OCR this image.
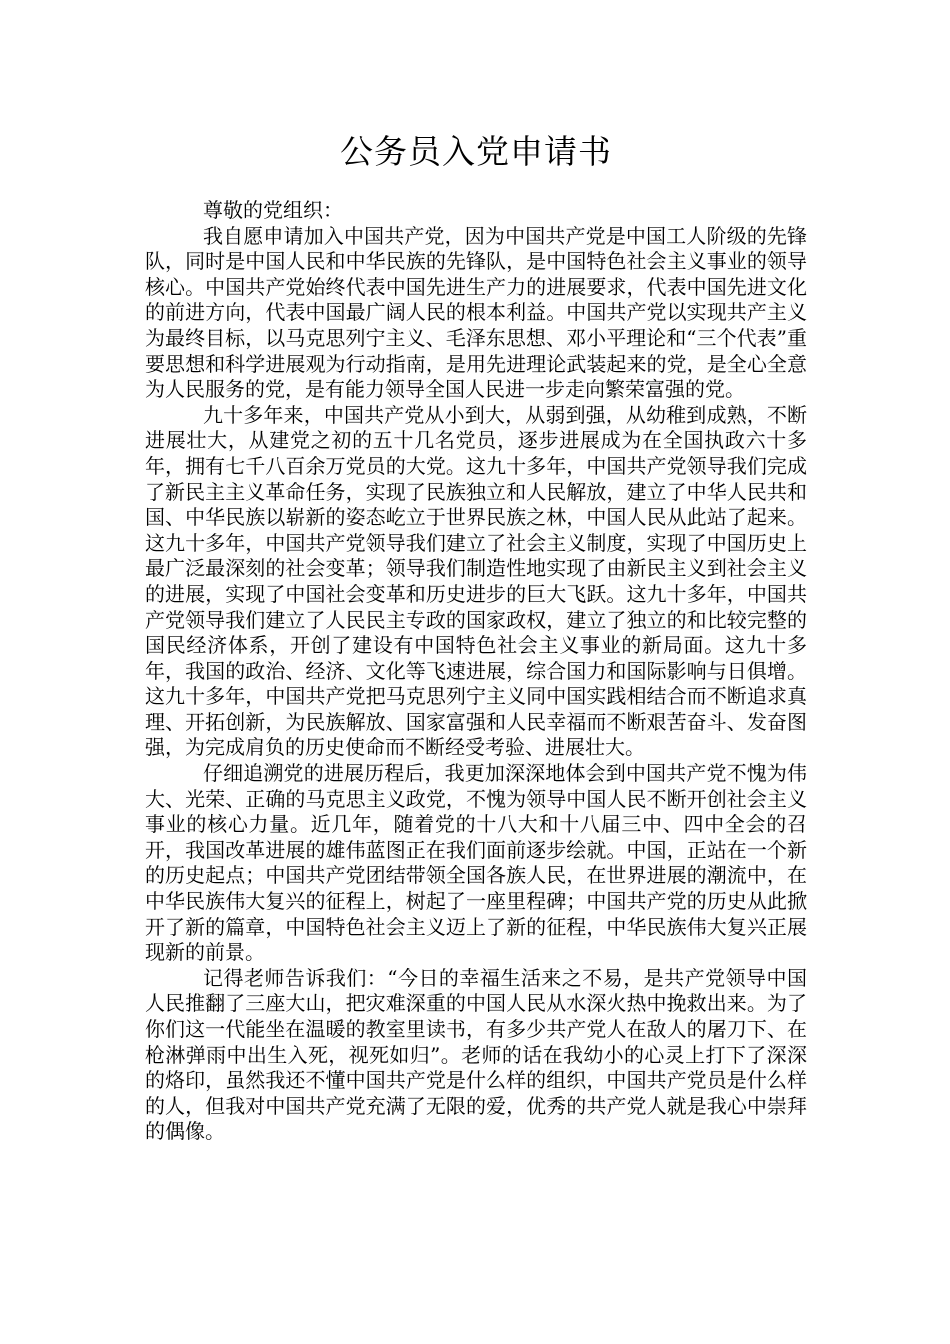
公务员入党申请书

尊敬的党组织：

我自愿申请加入中国共产党，因为中国共产党是中国工人阶级的先锋队，同时是中国人民和中华民族的先锋队，是中国特色社会主义事业的领导核心。中国共产党始终代表中国先进生产力的进展要求，代表中国先进文化的前进方向，代表中国最广阔人民的根本利益。中国共产党以实现共产主义为最终目标，以马克思列宁主义、毛泽东思想、邓小平理论和“三个代表”重要思想和科学进展观为行动指南，是用先进理论武装起来的党，是全心全意为人民服务的党，是有能力领导全国人民进一步走向繁荣富强的党。

九十多年来，中国共产党从小到大，从弱到强，从幼稚到成熟，不断进展壮大，从建党之初的五十几名党员，逐步进展成为在全国执政六十多年，拥有七千八百余万党员的大党。这九十多年，中国共产党领导我们完成了新民主主义革命任务，实现了民族独立和人民解放，建立了中华人民共和国、中华民族以崭新的姿态屹立于世界民族之林，中国人民从此站了起来。这九十多年，中国共产党领导我们建立了社会主义制度，实现了中国历史上最广泛最深刻的社会变革；领导我们制造性地实现了由新民主义到社会主义的进展，实现了中国社会变革和历史进步的巨大飞跃。这九十多年，中国共产党领导我们建立了人民民主专政的国家政权，建立了独立的和比较完整的国民经济体系，开创了建设有中国特色社会主义事业的新局面。这九十多年，我国的政治、经济、文化等飞速进展，综合国力和国际影响与日俱增。这九十多年，中国共产党把马克思列宁主义同中国实践相结合而不断追求真理、开拓创新，为民族解放、国家富强和人民幸福而不断艰苦奋斗、发奋图强，为完成肩负的历史使命而不断经受考验、进展壮大。

仔细追溯党的进展历程后，我更加深深地体会到中国共产党不愧为伟大、光荣、正确的马克思主义政党，不愧为领导中国人民不断开创社会主义事业的核心力量。近几年，随着党的十八大和十八届三中、四中全会的召开，我国改革进展的雄伟蓝图正在我们面前逐步绘就。中国，正站在一个新的历史起点；中国共产党团结带领全国各族人民，在世界进展的潮流中，在中华民族伟大复兴的征程上，树起了一座里程碑；中国共产党的历史从此掀开了新的篇章，中国特色社会主义迈上了新的征程，中华民族伟大复兴正展现新的前景。

记得老师告诉我们：“今日的幸福生活来之不易，是共产党领导中国人民推翻了三座大山，把灾难深重的中国人民从水深火热中挽救出来。为了你们这一代能坐在温暖的教室里读书，有多少共产党人在敌人的屠刀下、在枪淋弹雨中出生入死，视死如归”。老师的话在我幼小的心灵上打下了深深的烙印，虽然我还不懂中国共产党是什么样的组织，中国共产党员是什么样的人，但我对中国共产党充满了无限的爱，优秀的共产党人就是我心中崇拜的偶像。
